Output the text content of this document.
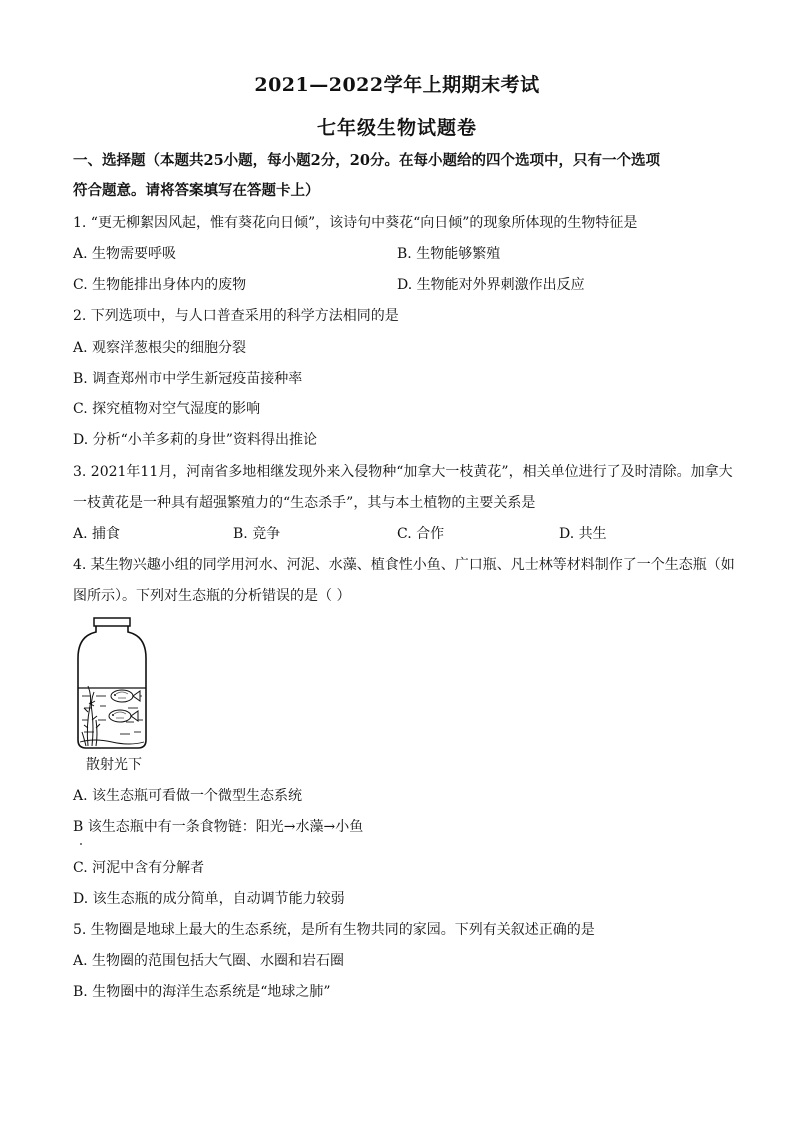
2021—2022学年上期期末考试
七年级生物试题卷
一、选择题（本题共25小题，每小题2分，20分。在每小题给的四个选项中，只有一个选项
符合题意。请将答案填写在答题卡上）
1. “更无柳絮因风起，惟有葵花向日倾”，该诗句中葵花“向日倾”的现象所体现的生物特征是
A. 生物需要呼吸	B. 生物能够繁殖
C. 生物能排出身体内的废物	D. 生物能对外界刺激作出反应
2. 下列选项中，与人口普查采用的科学方法相同的是
A. 观察洋葱根尖的细胞分裂
B. 调查郑州市中学生新冠疫苗接种率
C. 探究植物对空气湿度的影响
D. 分析“小羊多莉的身世”资料得出推论
3. 2021年11月，河南省多地相继发现外来入侵物种“加拿大一枝黄花”，相关单位进行了及时清除。加拿大
一枝黄花是一种具有超强繁殖力的“生态杀手”，其与本土植物的主要关系是
A. 捕食	B. 竞争	C. 合作	D. 共生
4. 某生物兴趣小组的同学用河水、河泥、水藻、植食性小鱼、广口瓶、凡士林等材料制作了一个生态瓶（如
图所示）。下列对生态瓶的分析错误的是（ ）
散射光下
A. 该生态瓶可看做一个微型生态系统
B 该生态瓶中有一条食物链：阳光→水藻→小鱼
C. 河泥中含有分解者
D. 该生态瓶的成分简单，自动调节能力较弱
5. 生物圈是地球上最大的生态系统，是所有生物共同的家园。下列有关叙述正确的是
A. 生物圈的范围包括大气圈、水圈和岩石圈
B. 生物圈中的海洋生态系统是“地球之肺”
